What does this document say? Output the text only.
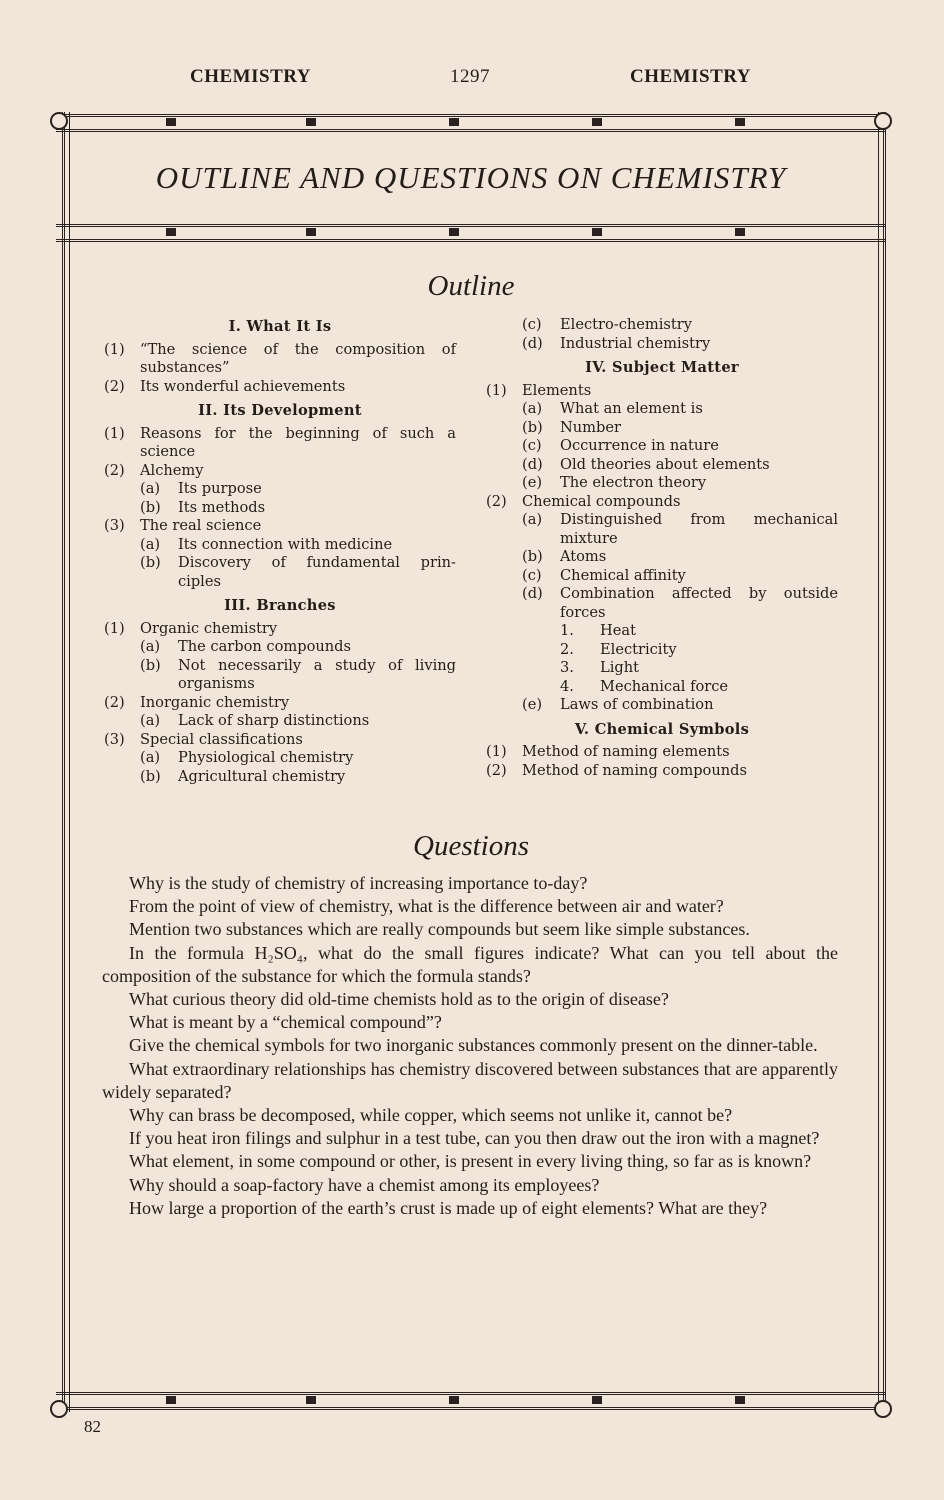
CHEMISTRY	1297	CHEMISTRY
OUTLINE AND QUESTIONS ON CHEMISTRY
Outline
I. What It Is
(1) “The science of the composition of
substances”
(2) Its wonderful achievements
II. Its Development
(1) Reasons for the beginning of such a
science
(2) Alchemy
(a) Its purpose
(b) Its methods
(3) The real science
(a) Its connection with medicine
(b) Discovery of fundamental prin-
ciples
III. Branches
(1) Organic chemistry
(a) The carbon compounds
(b) Not necessarily a study of living
organisms
(2) Inorganic chemistry
(a) Lack of sharp distinctions
(3) Special classifications
(a) Physiological chemistry
(b) Agricultural chemistry
(c) Electro-chemistry
(d) Industrial chemistry
IV. Subject Matter
(1) Elements
(a) What an element is
(b) Number
(c) Occurrence in nature
(d) Old theories about elements
(e) The electron theory
(2) Chemical compounds
(a) Distinguished from mechanical
mixture
(b) Atoms
(c) Chemical affinity
(d) Combination affected by outside
forces
1. Heat
2. Electricity
3. Light
4. Mechanical force
(e) Laws of combination
V. Chemical Symbols
(1) Method of naming elements
(2) Method of naming compounds
Questions

Why is the study of chemistry of increasing importance to-day?

From the point of view of chemistry, what is the difference between air and water?

Mention two substances which are really compounds but seem like simple substances.

In the formula H₂SO₄, what do the small figures indicate? What can you tell about the composition of the substance for which the formula stands?

What curious theory did old-time chemists hold as to the origin of disease?

What is meant by a “chemical compound”?

Give the chemical symbols for two inorganic substances commonly present on the dinner-table.

What extraordinary relationships has chemistry discovered between substances that are apparently widely separated?

Why can brass be decomposed, while copper, which seems not unlike it, cannot be?

If you heat iron filings and sulphur in a test tube, can you then draw out the iron with a magnet?

What element, in some compound or other, is present in every living thing, so far as is known?

Why should a soap-factory have a chemist among its employees?

How large a proportion of the earth’s crust is made up of eight elements? What are they?

82
